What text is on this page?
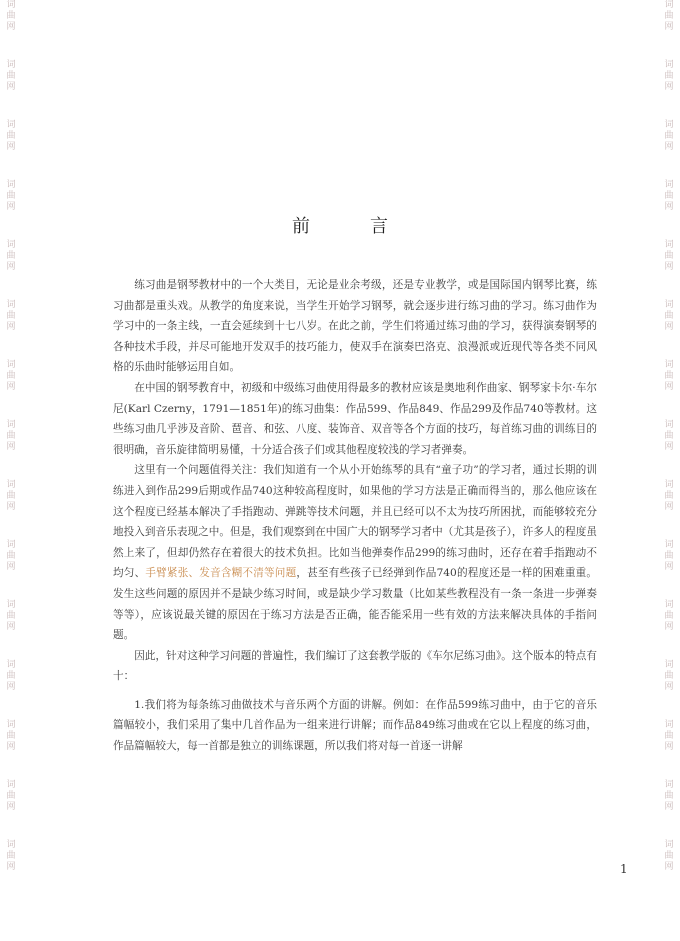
词
曲
网
词
曲
网
词
曲
网
词
曲
网
词
曲
网
词
曲
网
词
曲
网
词
曲
网
词
曲
网
词
曲
网
词
曲
网
词
曲
网
词
曲
网
词
曲
网
词
曲
网
词
曲
网
词
曲
网
词
曲
网
词
曲
网
词
曲
网
词
曲
网
词
曲
网
词
曲
网
词
曲
网
词
曲
网
词
曲
网
词
曲
网
词
曲
网
词
曲
网
词
曲
网
前言

练习曲是钢琴教材中的一个大类目，无论是业余考级，还是专业教学，或是国际国内钢琴比赛，练习曲都是重头戏。从教学的角度来说，当学生开始学习钢琴，就会逐步进行练习曲的学习。练习曲作为学习中的一条主线，一直会延续到十七八岁。在此之前，学生们将通过练习曲的学习，获得演奏钢琴的各种技术手段，并尽可能地开发双手的技巧能力，使双手在演奏巴洛克、浪漫派或近现代等各类不同风格的乐曲时能够运用自如。

在中国的钢琴教育中，初级和中级练习曲使用得最多的教材应该是奥地利作曲家、钢琴家卡尔·车尔尼(Karl Czerny，1791—1851年)的练习曲集：作品599、作品849、作品299及作品740等教材。这些练习曲几乎涉及音阶、琶音、和弦、八度、装饰音、双音等各个方面的技巧，每首练习曲的训练目的很明确，音乐旋律简明易懂，十分适合孩子们或其他程度较浅的学习者弹奏。

这里有一个问题值得关注：我们知道有一个从小开始练琴的具有“童子功”的学习者，通过长期的训练进入到作品299后期或作品740这种较高程度时，如果他的学习方法是正确而得当的，那么他应该在这个程度已经基本解决了手指跑动、弹跳等技术问题，并且已经可以不太为技巧所困扰，而能够较充分地投入到音乐表现之中。但是，我们观察到在中国广大的钢琴学习者中（尤其是孩子），许多人的程度虽然上来了，但却仍然存在着很大的技术负担。比如当他弹奏作品299的练习曲时，还存在着手指跑动不均匀、手臂紧张、发音含糊不清等问题，甚至有些孩子已经弹到作品740的程度还是一样的困难重重。发生这些问题的原因并不是缺少练习时间，或是缺少学习数量（比如某些教程没有一条一条进一步弹奏等等），应该说最关键的原因在于练习方法是否正确，能否能采用一些有效的方法来解决具体的手指问题。

因此，针对这种学习问题的普遍性，我们编订了这套教学版的《车尔尼练习曲》。这个版本的特点有十：

1.我们将为每条练习曲做技术与音乐两个方面的讲解。例如：在作品599练习曲中，由于它的音乐篇幅较小，我们采用了集中几首作品为一组来进行讲解；而作品849练习曲或在它以上程度的练习曲，作品篇幅较大，每一首都是独立的训练课题，所以我们将对每一首逐一讲解

1
